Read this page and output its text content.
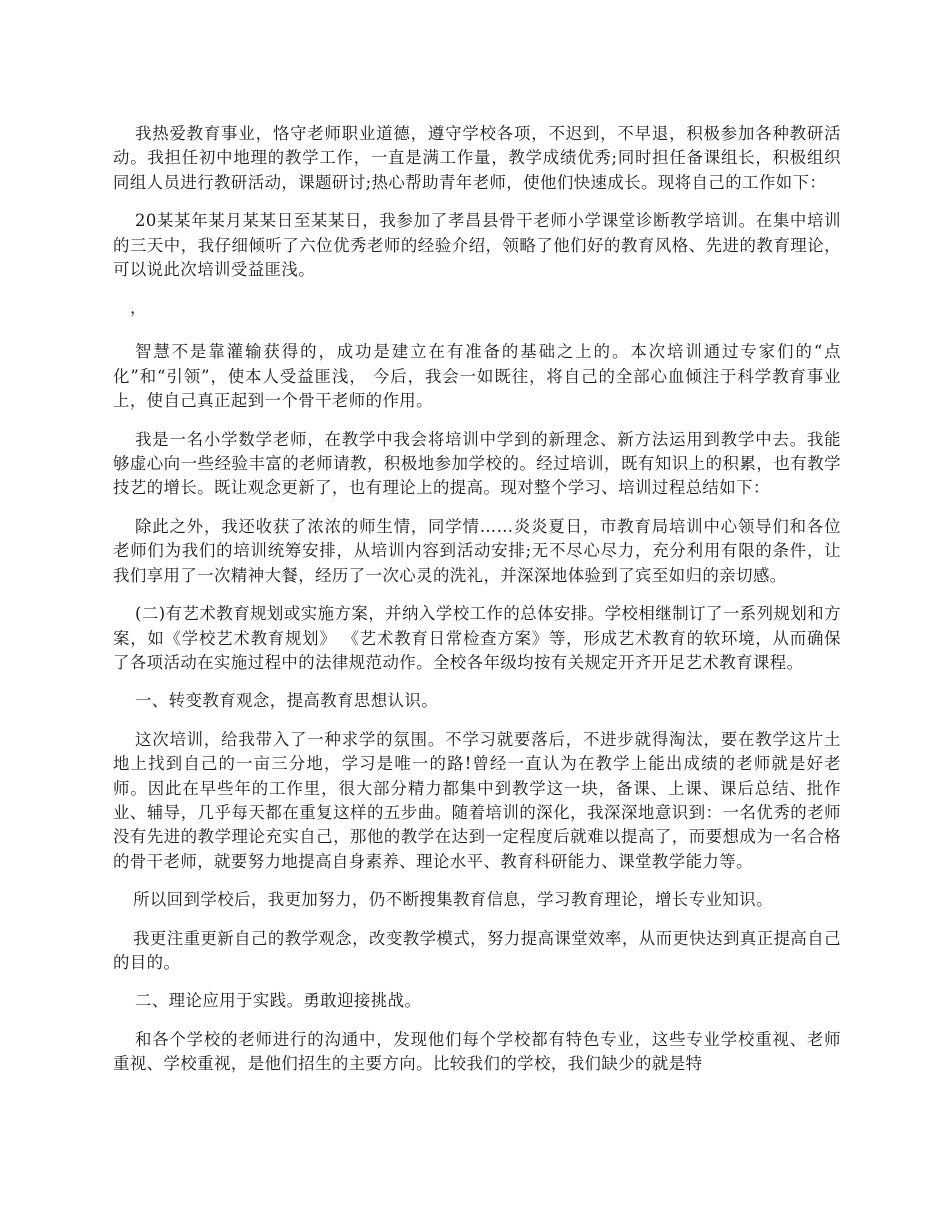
我热爱教育事业，恪守老师职业道德，遵守学校各项，不迟到，不早退，积极参加各种教研活动。我担任初中地理的教学工作，一直是满工作量，教学成绩优秀;同时担任备课组长，积极组织同组人员进行教研活动，课题研讨;热心帮助青年老师，使他们快速成长。现将自己的工作如下：

20某某年某月某某日至某某日，我参加了孝昌县骨干老师小学课堂诊断教学培训。在集中培训的三天中，我仔细倾听了六位优秀老师的经验介绍，领略了他们好的教育风格、先进的教育理论，可以说此次培训受益匪浅。

，

智慧不是靠灌输获得的，成功是建立在有准备的基础之上的。本次培训通过专家们的“点化”和“引领”，使本人受益匪浅， 今后，我会一如既往，将自己的全部心血倾注于科学教育事业上，使自己真正起到一个骨干老师的作用。

我是一名小学数学老师，在教学中我会将培训中学到的新理念、新方法运用到教学中去。我能够虚心向一些经验丰富的老师请教，积极地参加学校的。经过培训，既有知识上的积累，也有教学技艺的增长。既让观念更新了，也有理论上的提高。现对整个学习、培训过程总结如下：

除此之外，我还收获了浓浓的师生情，同学情……炎炎夏日，市教育局培训中心领导们和各位老师们为我们的培训统筹安排，从培训内容到活动安排;无不尽心尽力，充分利用有限的条件，让我们享用了一次精神大餐，经历了一次心灵的洗礼，并深深地体验到了宾至如归的亲切感。

(二)有艺术教育规划或实施方案，并纳入学校工作的总体安排。学校相继制订了一系列规划和方案，如《学校艺术教育规划》 《艺术教育日常检查方案》等，形成艺术教育的软环境，从而确保了各项活动在实施过程中的法律规范动作。全校各年级均按有关规定开齐开足艺术教育课程。

一、转变教育观念，提高教育思想认识。

这次培训，给我带入了一种求学的氛围。不学习就要落后，不进步就得淘汰，要在教学这片土地上找到自己的一亩三分地，学习是唯一的路!曾经一直认为在教学上能出成绩的老师就是好老师。因此在早些年的工作里，很大部分精力都集中到教学这一块，备课、上课、课后总结、批作业、辅导，几乎每天都在重复这样的五步曲。随着培训的深化，我深深地意识到：一名优秀的老师没有先进的教学理论充实自己，那他的教学在达到一定程度后就难以提高了，而要想成为一名合格的骨干老师，就要努力地提高自身素养、理论水平、教育科研能力、课堂教学能力等。

所以回到学校后，我更加努力，仍不断搜集教育信息，学习教育理论，增长专业知识。

我更注重更新自己的教学观念，改变教学模式，努力提高课堂效率，从而更快达到真正提高自己的目的。

二、理论应用于实践。勇敢迎接挑战。

和各个学校的老师进行的沟通中，发现他们每个学校都有特色专业，这些专业学校重视、老师重视、学校重视，是他们招生的主要方向。比较我们的学校，我们缺少的就是特
